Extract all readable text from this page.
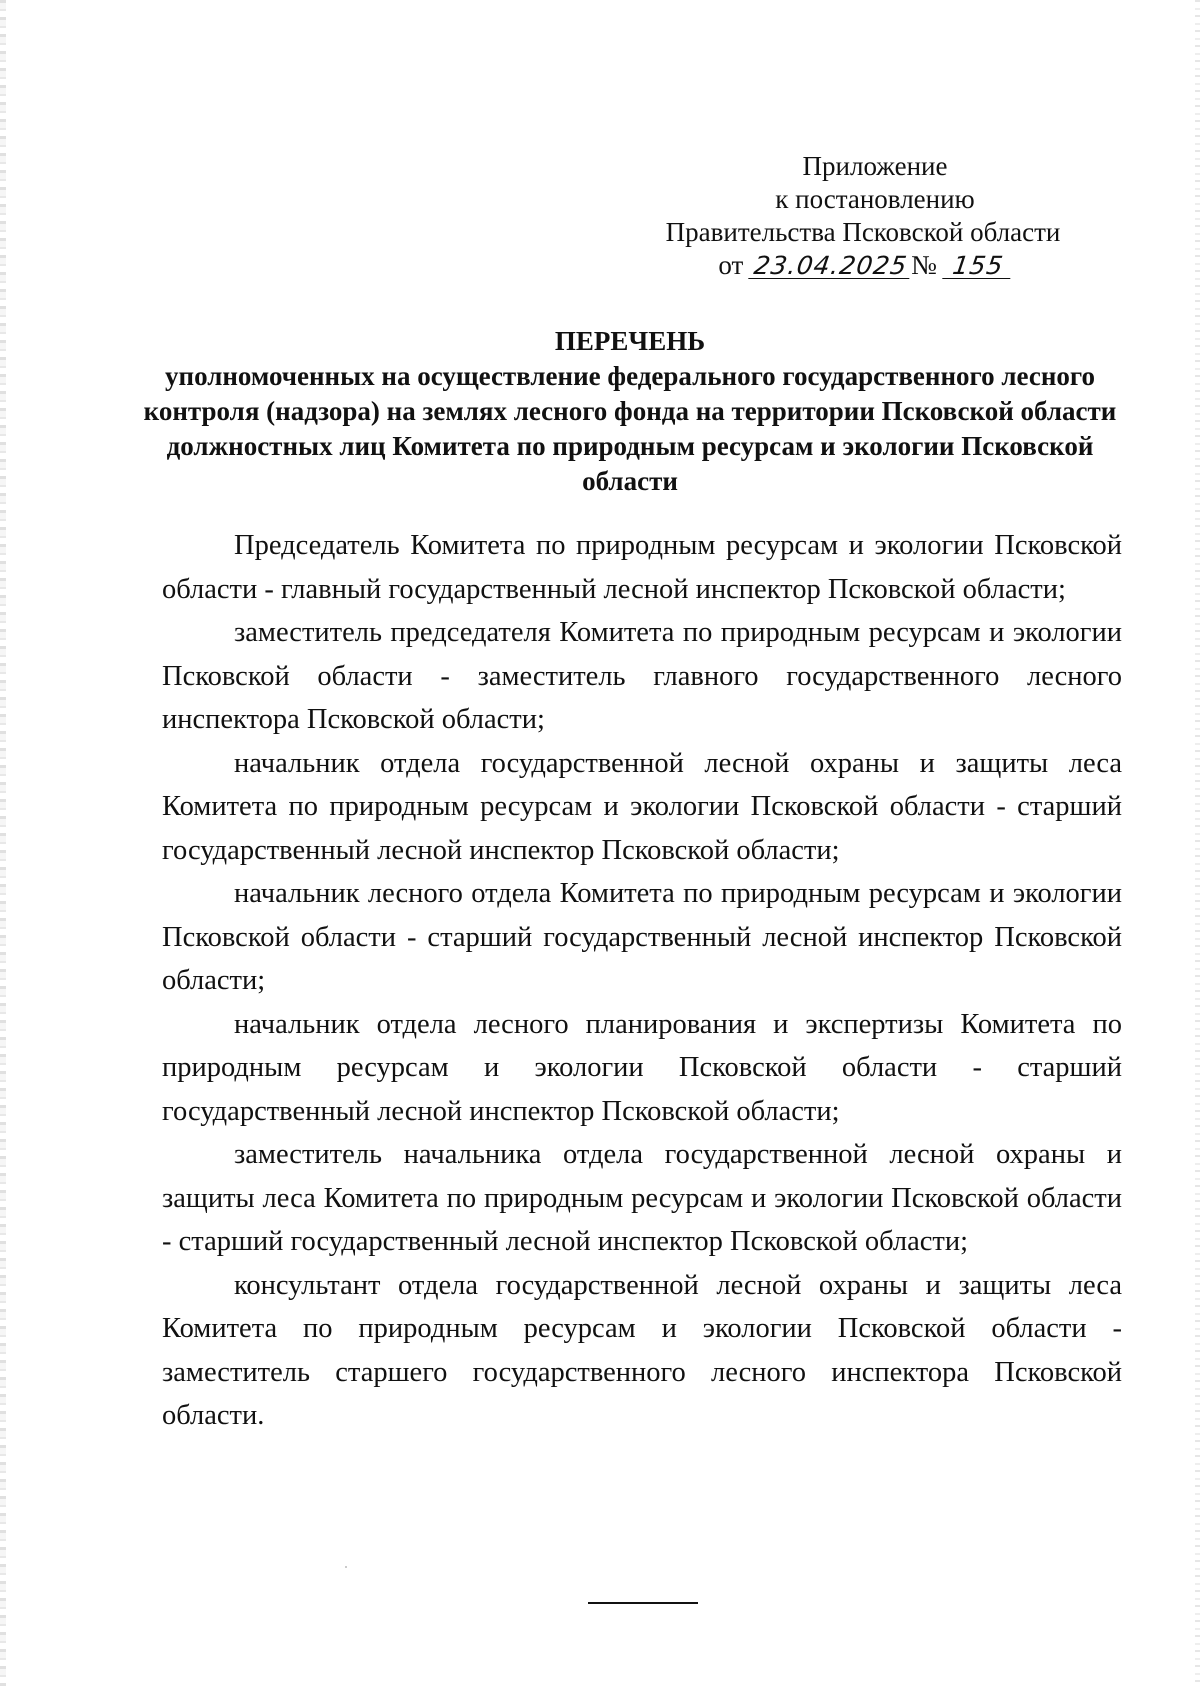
Приложение
к постановлению
Правительства Псковской области
от 23.04.2025№ 155
ПЕРЕЧЕНЬ
уполномоченных на осуществление федерального государственного лесного контроля (надзора) на землях лесного фонда на территории Псковской области должностных лиц Комитета по природным ресурсам и экологии Псковской области

Председатель Комитета по природным ресурсам и экологии Псковской области - главный государственный лесной инспектор Псковской области;

заместитель председателя Комитета по природным ресурсам и экологии Псковской области - заместитель главного государственного лесного инспектора Псковской области;

начальник отдела государственной лесной охраны и защиты леса Комитета по природным ресурсам и экологии Псковской области - старший государственный лесной инспектор Псковской области;

начальник лесного отдела Комитета по природным ресурсам и экологии Псковской области - старший государственный лесной инспектор Псковской области;

начальник отдела лесного планирования и экспертизы Комитета по природным ресурсам и экологии Псковской области - старший государственный лесной инспектор Псковской области;

заместитель начальника отдела государственной лесной охраны и защиты леса Комитета по природным ресурсам и экологии Псковской области - старший государственный лесной инспектор Псковской области;

консультант отдела государственной лесной охраны и защиты леса Комитета по природным ресурсам и экологии Псковской области - заместитель старшего государственного лесного инспектора Псковской области.
